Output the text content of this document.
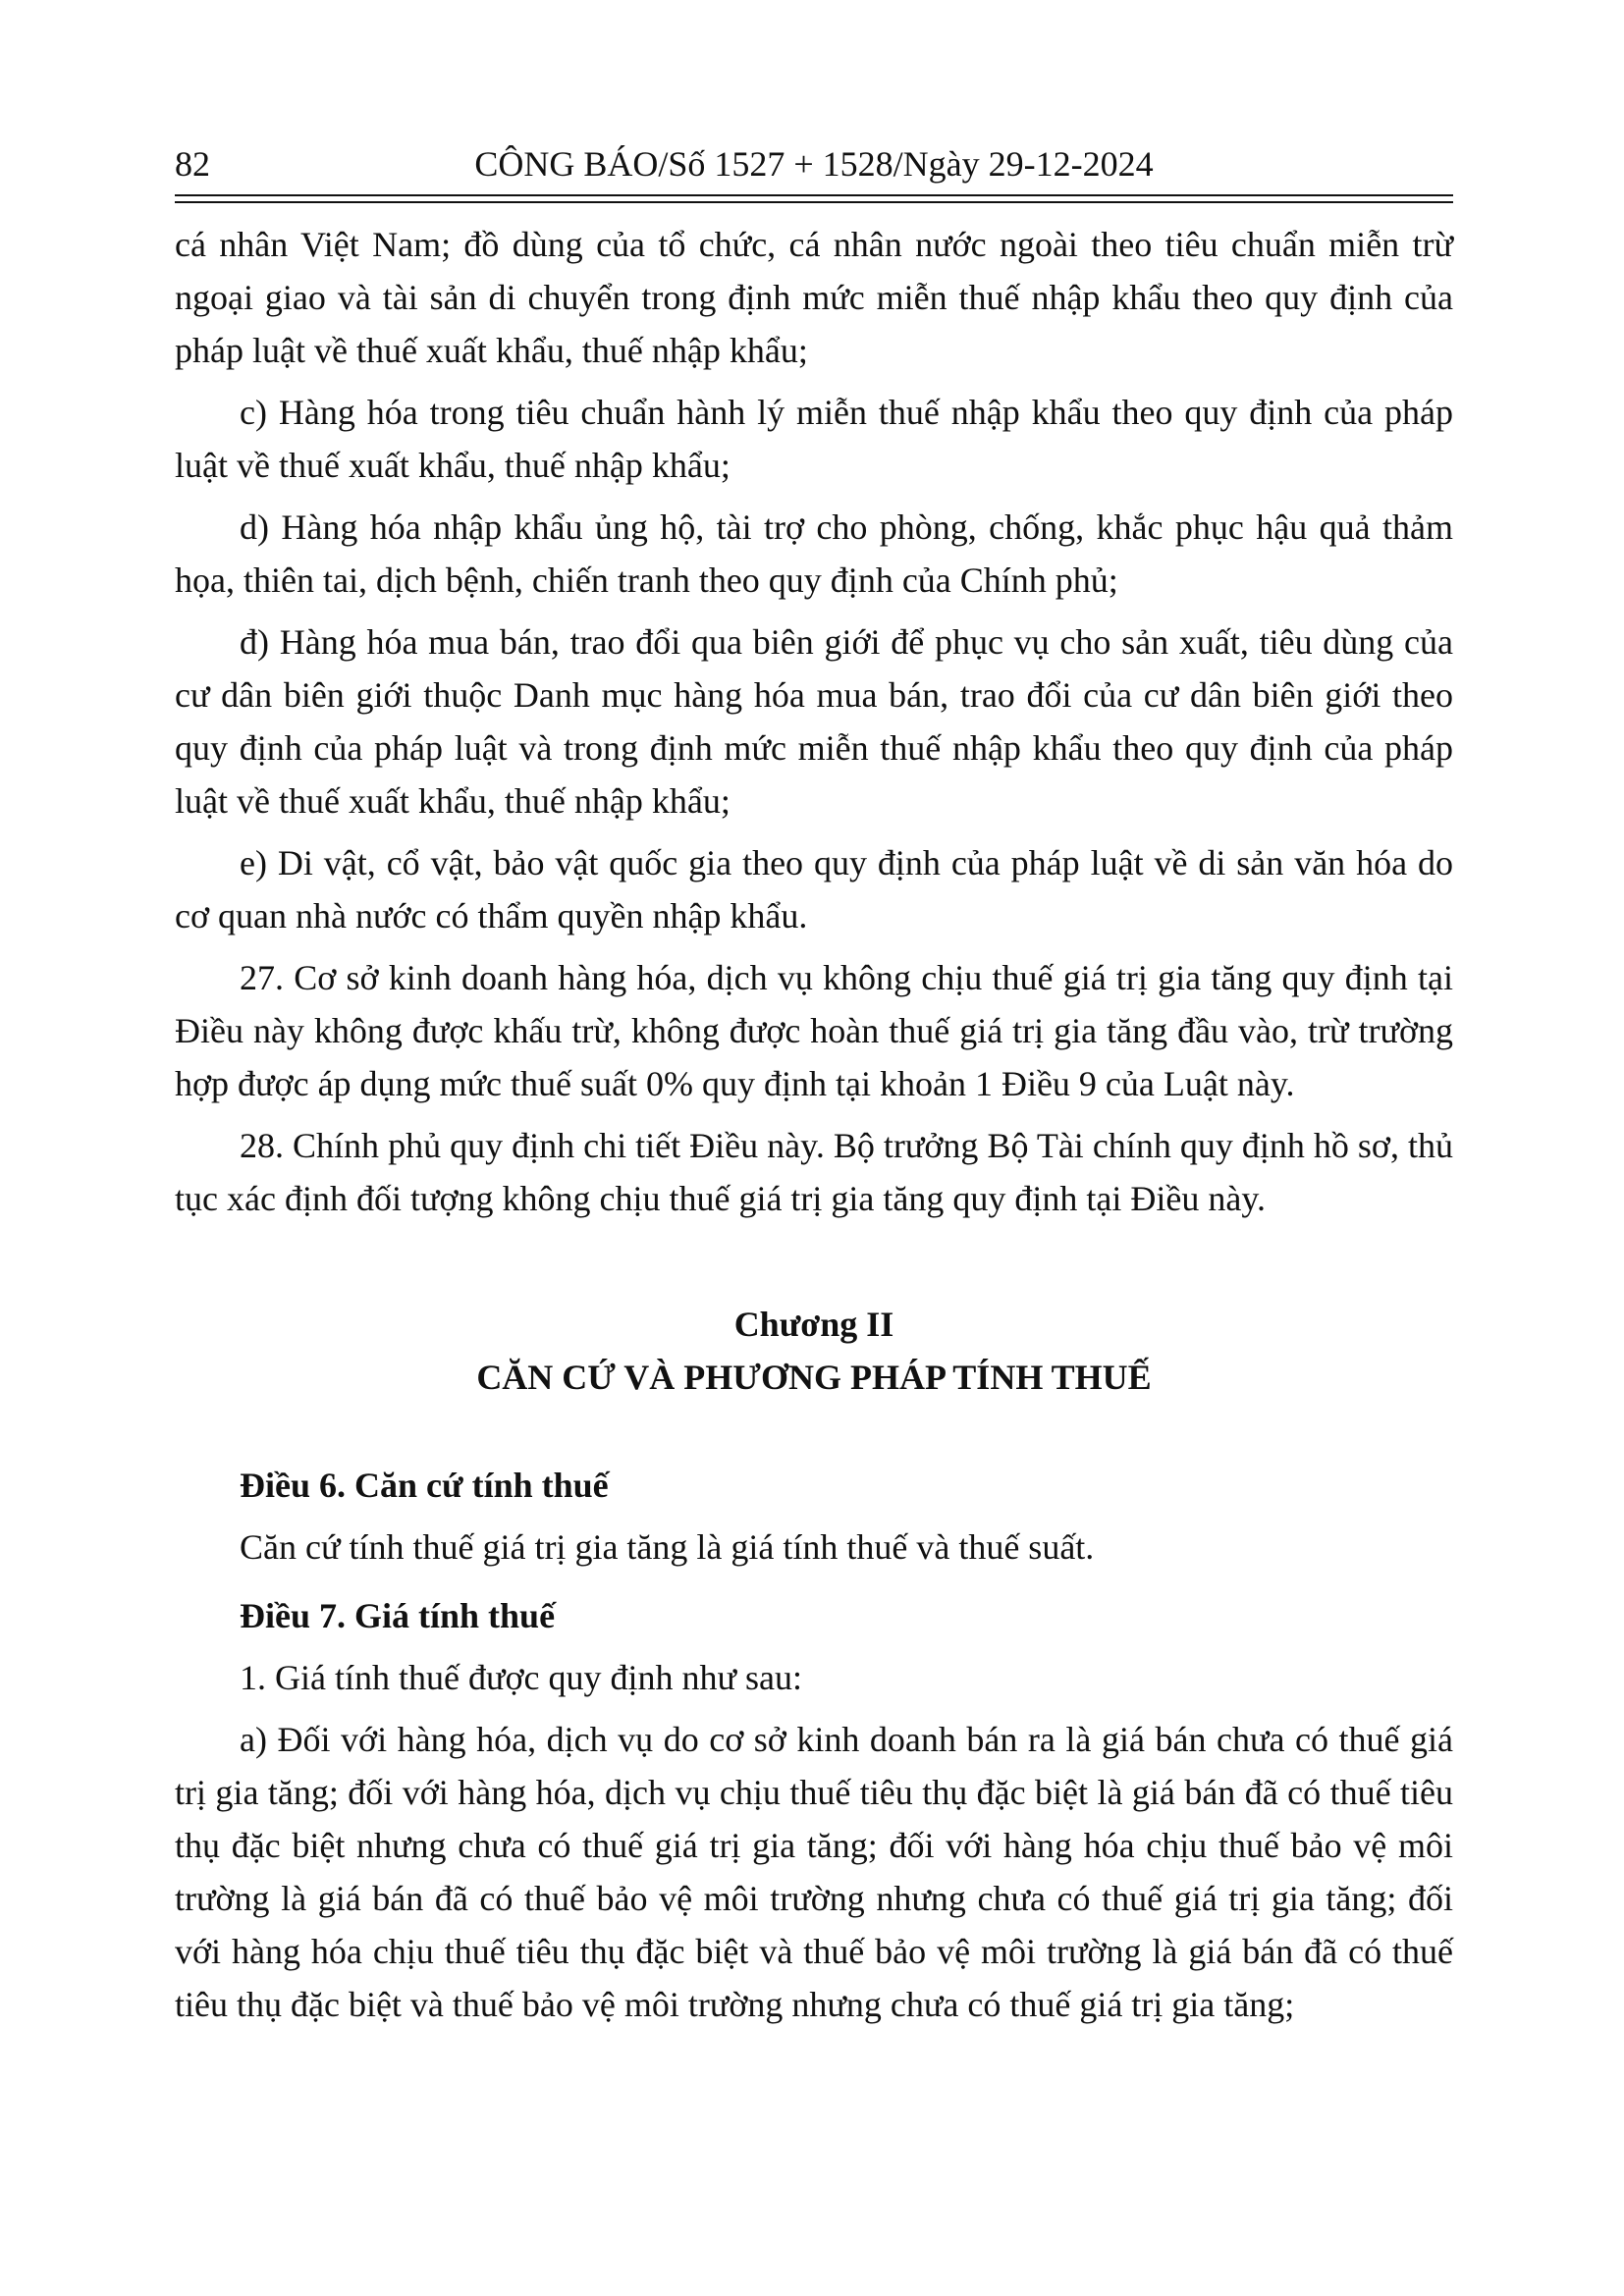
82	CÔNG BÁO/Số 1527 + 1528/Ngày 29-12-2024

cá nhân Việt Nam; đồ dùng của tổ chức, cá nhân nước ngoài theo tiêu chuẩn miễn trừ ngoại giao và tài sản di chuyển trong định mức miễn thuế nhập khẩu theo quy định của pháp luật về thuế xuất khẩu, thuế nhập khẩu;

c) Hàng hóa trong tiêu chuẩn hành lý miễn thuế nhập khẩu theo quy định của pháp luật về thuế xuất khẩu, thuế nhập khẩu;

d) Hàng hóa nhập khẩu ủng hộ, tài trợ cho phòng, chống, khắc phục hậu quả thảm họa, thiên tai, dịch bệnh, chiến tranh theo quy định của Chính phủ;

đ) Hàng hóa mua bán, trao đổi qua biên giới để phục vụ cho sản xuất, tiêu dùng của cư dân biên giới thuộc Danh mục hàng hóa mua bán, trao đổi của cư dân biên giới theo quy định của pháp luật và trong định mức miễn thuế nhập khẩu theo quy định của pháp luật về thuế xuất khẩu, thuế nhập khẩu;

e) Di vật, cổ vật, bảo vật quốc gia theo quy định của pháp luật về di sản văn hóa do cơ quan nhà nước có thẩm quyền nhập khẩu.

27. Cơ sở kinh doanh hàng hóa, dịch vụ không chịu thuế giá trị gia tăng quy định tại Điều này không được khấu trừ, không được hoàn thuế giá trị gia tăng đầu vào, trừ trường hợp được áp dụng mức thuế suất 0% quy định tại khoản 1 Điều 9 của Luật này.

28. Chính phủ quy định chi tiết Điều này. Bộ trưởng Bộ Tài chính quy định hồ sơ, thủ tục xác định đối tượng không chịu thuế giá trị gia tăng quy định tại Điều này.

Chương II
CĂN CỨ VÀ PHƯƠNG PHÁP TÍNH THUẾ

Điều 6. Căn cứ tính thuế

Căn cứ tính thuế giá trị gia tăng là giá tính thuế và thuế suất.

Điều 7. Giá tính thuế

1. Giá tính thuế được quy định như sau:

a) Đối với hàng hóa, dịch vụ do cơ sở kinh doanh bán ra là giá bán chưa có thuế giá trị gia tăng; đối với hàng hóa, dịch vụ chịu thuế tiêu thụ đặc biệt là giá bán đã có thuế tiêu thụ đặc biệt nhưng chưa có thuế giá trị gia tăng; đối với hàng hóa chịu thuế bảo vệ môi trường là giá bán đã có thuế bảo vệ môi trường nhưng chưa có thuế giá trị gia tăng; đối với hàng hóa chịu thuế tiêu thụ đặc biệt và thuế bảo vệ môi trường là giá bán đã có thuế tiêu thụ đặc biệt và thuế bảo vệ môi trường nhưng chưa có thuế giá trị gia tăng;
